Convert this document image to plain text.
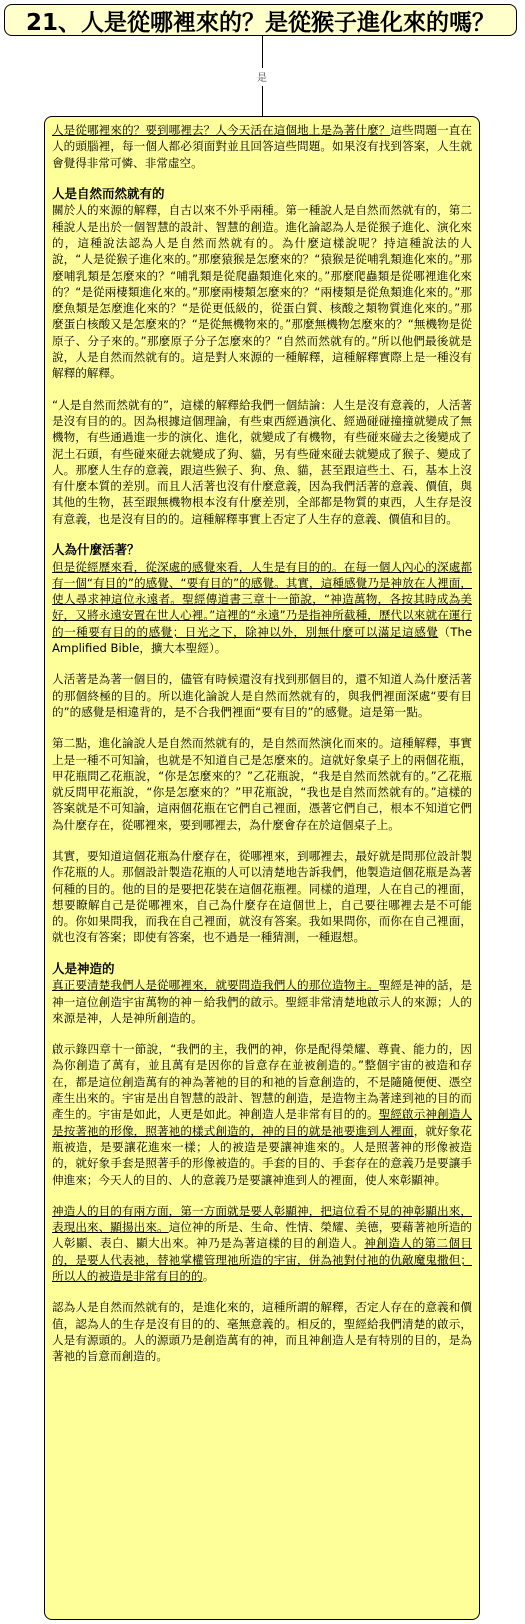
21、人是從哪裡來的？是從猴子進化來的嗎？
是

人是從哪裡來的？要到哪裡去？人今天活在這個地上是為著什麼？這些問題一直在人的頭腦裡，每一個人都必須面對並且回答這些問題。如果沒有找到答案，人生就會覺得非常可憐、非常虛空。

人是自然而然就有的

關於人的來源的解釋，自古以來不外乎兩種。第一種說人是自然而然就有的，第二種說人是出於一個智慧的設計、智慧的創造。進化論認為人是從猴子進化、演化來的，這種說法認為人是自然而然就有的。為什麼這樣說呢？持這種說法的人說，“人是從猴子進化來的。”那麼猿猴是怎麼來的？“猿猴是從哺乳類進化來的。”那麼哺乳類是怎麼來的？“哺乳類是從爬蟲類進化來的。”那麼爬蟲類是從哪裡進化來的？“是從兩棲類進化來的。”那麼兩棲類怎麼來的？“兩棲類是從魚類進化來的。”那麼魚類是怎麼進化來的？“是從更低級的，從蛋白質、核酸之類物質進化來的。”那麼蛋白核酸又是怎麼來的？“是從無機物來的。”那麼無機物怎麼來的？“無機物是從原子、分子來的。”那麼原子分子怎麼來的？“自然而然就有的。”所以他們最後就是說，人是自然而然就有的。這是對人來源的一種解釋，這種解釋實際上是一種沒有解釋的解釋。

“人是自然而然就有的”，這樣的解釋給我們一個結論：人生是沒有意義的，人活著是沒有目的的。因為根據這個理論，有些東西經過演化、經過碰碰撞撞就變成了無機物，有些通過進一步的演化、進化，就變成了有機物，有些碰來碰去之後變成了泥土石頭，有些碰來碰去就變成了狗、貓，另有些碰來碰去就變成了猴子、變成了人。那麼人生存的意義，跟這些猴子、狗、魚、貓，甚至跟這些土、石，基本上沒有什麼本質的差別。而且人活著也沒有什麼意義，因為我們活著的意義、價值，與其他的生物，甚至跟無機物根本沒有什麼差別，全部都是物質的東西，人生存是沒有意義，也是沒有目的的。這種解釋事實上否定了人生存的意義、價值和目的。

人為什麼活著？

但是從經歷來看，從深處的感覺來看，人生是有目的的。在每一個人內心的深處都有一個“有目的”的感覺、“要有目的”的感覺。其實，這種感覺乃是神放在人裡面，使人尋求神這位永遠者。聖經傳道書三章十一節說，“神造萬物，各按其時成為美好，又將永遠安置在世人心裡。”這裡的“永遠”乃是指神所截種，歷代以來就在運行的一種要有目的的感覺；日光之下，除神以外，別無什麼可以滿足這感覺（The Amplified Bible，擴大本聖經）。

人活著是為著一個目的，儘管有時候還沒有找到那個目的，還不知道人為什麼活著的那個終極的目的。所以進化論說人是自然而然就有的，與我們裡面深處“要有目的”的感覺是相違背的，是不合我們裡面“要有目的”的感覺。這是第一點。

第二點，進化論說人是自然而然就有的，是自然而然演化而來的。這種解釋，事實上是一種不可知論，也就是不知道自己是怎麼來的。這就好象桌子上的兩個花瓶，甲花瓶問乙花瓶說，“你是怎麼來的？”乙花瓶說，“我是自然而然就有的。”乙花瓶就反問甲花瓶說，“你是怎麼來的？”甲花瓶說，“我也是自然而然就有的。”這樣的答案就是不可知論，這兩個花瓶在它們自己裡面，憑著它們自己，根本不知道它們為什麼存在，從哪裡來，要到哪裡去，為什麼會存在於這個桌子上。

其實，要知道這個花瓶為什麼存在，從哪裡來，到哪裡去，最好就是問那位設計製作花瓶的人。那個設計製造花瓶的人可以清楚地告訴我們，他製造這個花瓶是為著何種的目的。他的目的是要把花裝在這個花瓶裡。同樣的道理，人在自己的裡面，想要瞭解自己是從哪裡來，自己為什麼存在這個世上，自己要往哪裡去是不可能的。你如果問我，而我在自己裡面，就沒有答案。我如果問你，而你在自己裡面，就也沒有答案；即使有答案，也不過是一種猜測，一種遐想。

人是神造的

真正要清楚我們人是從哪裡來，就要問造我們人的那位造物主。聖經是神的話，是神一這位創造宇宙萬物的神－給我們的啟示。聖經非常清楚地啟示人的來源；人的來源是神，人是神所創造的。

啟示錄四章十一節說，“我們的主，我們的神，你是配得榮耀、尊貴、能力的，因為你創造了萬有，並且萬有是因你的旨意存在並被創造的。”整個宇宙的被造和存在，都是這位創造萬有的神為著祂的目的和祂的旨意創造的，不是隨隨便便、憑空產生出來的。宇宙是出自智慧的設計、智慧的創造，是造物主為著達到祂的目的而產生的。宇宙是如此，人更是如此。神創造人是非常有目的的。聖經啟示神創造人是按著祂的形像，照著祂的樣式創造的，神的目的就是祂要進到人裡面，就好象花瓶被造，是要讓花進來一樣；人的被造是要讓神進來的。人是照著神的形像被造的，就好象手套是照著手的形像被造的。手套的目的、手套存在的意義乃是要讓手伸進來；今天人的目的、人的意義乃是要讓神進到人的裡面，使人來彰顯神。

神造人的目的有兩方面，第一方面就是要人彰顯神，把這位看不見的神彰顯出來，表現出來、顯揚出來。這位神的所是、生命、性情、榮耀、美德，要藉著祂所造的人彰顯、表白、顯大出來。神乃是為著這樣的目的創造人。神創造人的第二個目的，是要人代表祂，替祂掌權管理祂所造的宇宙，併為祂對付祂的仇敵魔鬼撒但；所以人的被造是非常有目的的。

認為人是自然而然就有的，是進化來的，這種所謂的解釋，否定人存在的意義和價值，認為人的生存是沒有目的的、毫無意義的。相反的，聖經給我們清楚的啟示，人是有源頭的。人的源頭乃是創造萬有的神，而且神創造人是有特別的目的，是為著祂的旨意而創造的。
